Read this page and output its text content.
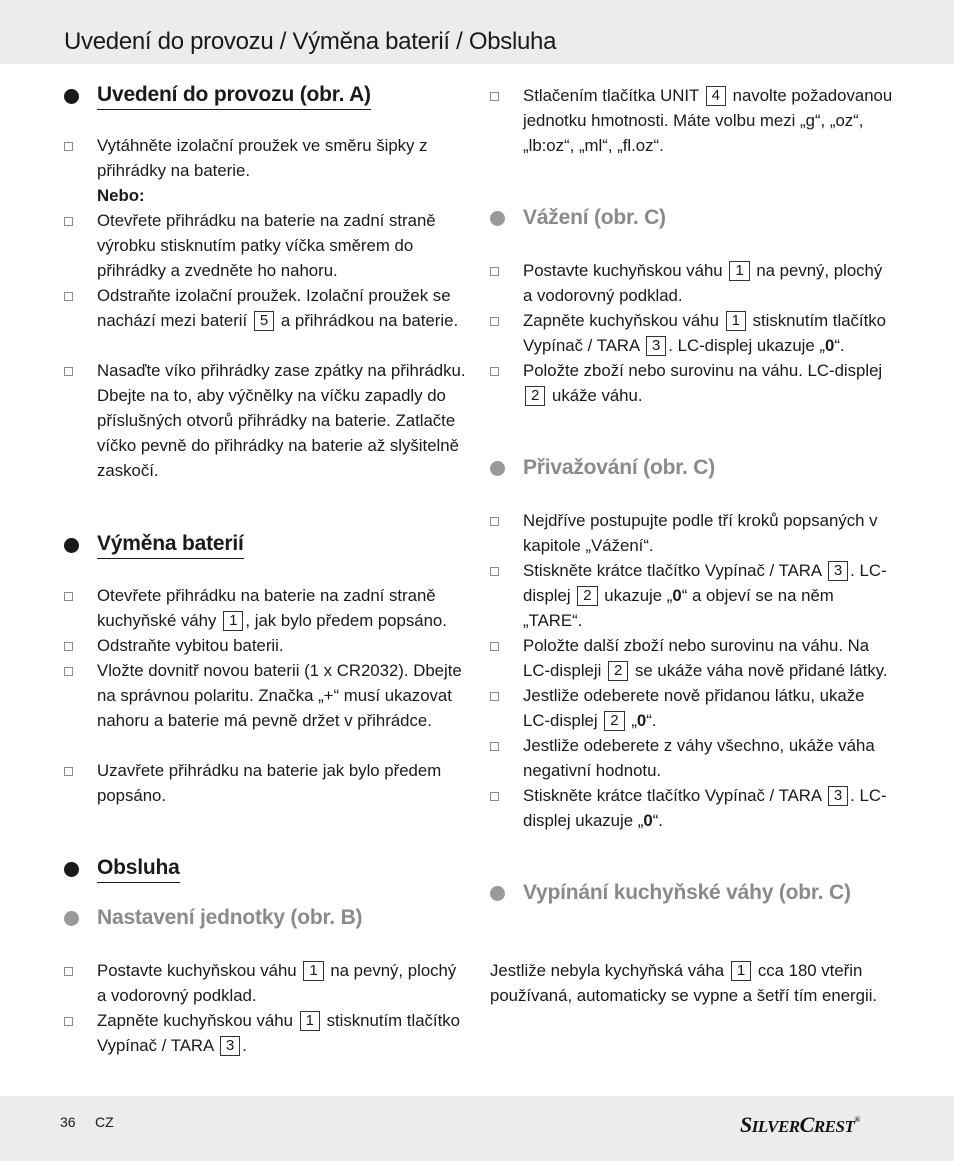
Uvedení do provozu / Výměna baterií / Obsluha
Uvedení do provozu (obr. A)
Vytáhněte izolační proužek ve směru šipky z přihrádky na baterie.
Nebo:
Otevřete přihrádku na baterie na zadní straně výrobku stisknutím patky víčka směrem do přihrádky a zvedněte ho nahoru.
Odstraňte izolační proužek. Izolační proužek se nachází mezi baterií 5 a přihrádkou na baterie.
Nasaďte víko přihrádky zase zpátky na přihrádku. Dbejte na to, aby výčnělky na víčku zapadly do příslušných otvorů přihrádky na baterie. Zatlačte víčko pevně do přihrádky na baterie až slyšitelně zaskočí.
Výměna baterií
Otevřete přihrádku na baterie na zadní straně kuchyňské váhy 1 , jak bylo předem popsáno.
Odstraňte vybitou baterii.
Vložte dovnitř novou baterii (1 x CR2032). Dbejte na správnou polaritu. Značka „+“ musí ukazovat nahoru a baterie má pevně držet v přihrádce.
Uzavřete přihrádku na baterie jak bylo předem popsáno.
Obsluha
Nastavení jednotky (obr. B)
Postavte kuchyňskou váhu 1 na pevný, plochý a vodorovný podklad.
Zapněte kuchyňskou váhu 1 stisknutím tlačítko Vypínač / TARA 3 .
Stlačením tlačítka UNIT 4 navolte požadovanou jednotku hmotnosti. Máte volbu mezi „g“, „oz“, „lb:oz“, „ml“, „fl.oz“.
Vážení (obr. C)
Postavte kuchyňskou váhu 1 na pevný, plochý a vodorovný podklad.
Zapněte kuchyňskou váhu 1 stisknutím tlačítko Vypínač / TARA 3 . LC-displej ukazuje „0“.
Položte zboží nebo surovinu na váhu. LC-displej 2 ukáže váhu.
Přivažování (obr. C)
Nejdříve postupujte podle tří kroků popsaných v kapitole „Vážení“.
Stiskněte krátce tlačítko Vypínač / TARA 3 . LC-displej 2 ukazuje „0“ a objeví se na něm „TARE“.
Položte další zboží nebo surovinu na váhu. Na LC-displeji 2 se ukáže váha nově přidané látky.
Jestliže odeberete nově přidanou látku, ukaže LC-displej 2 „0“.
Jestliže odeberete z váhy všechno, ukáže váha negativní hodnotu.
Stiskněte krátce tlačítko Vypínač / TARA 3 . LC-displej ukazuje „0“.
Vypínání kuchyňské váhy (obr. C)
Jestliže nebyla kychyňská váha 1 cca 180 vteřin používaná, automaticky se vypne a šetří tím energii.
36 CZ	SILVERCREST®
